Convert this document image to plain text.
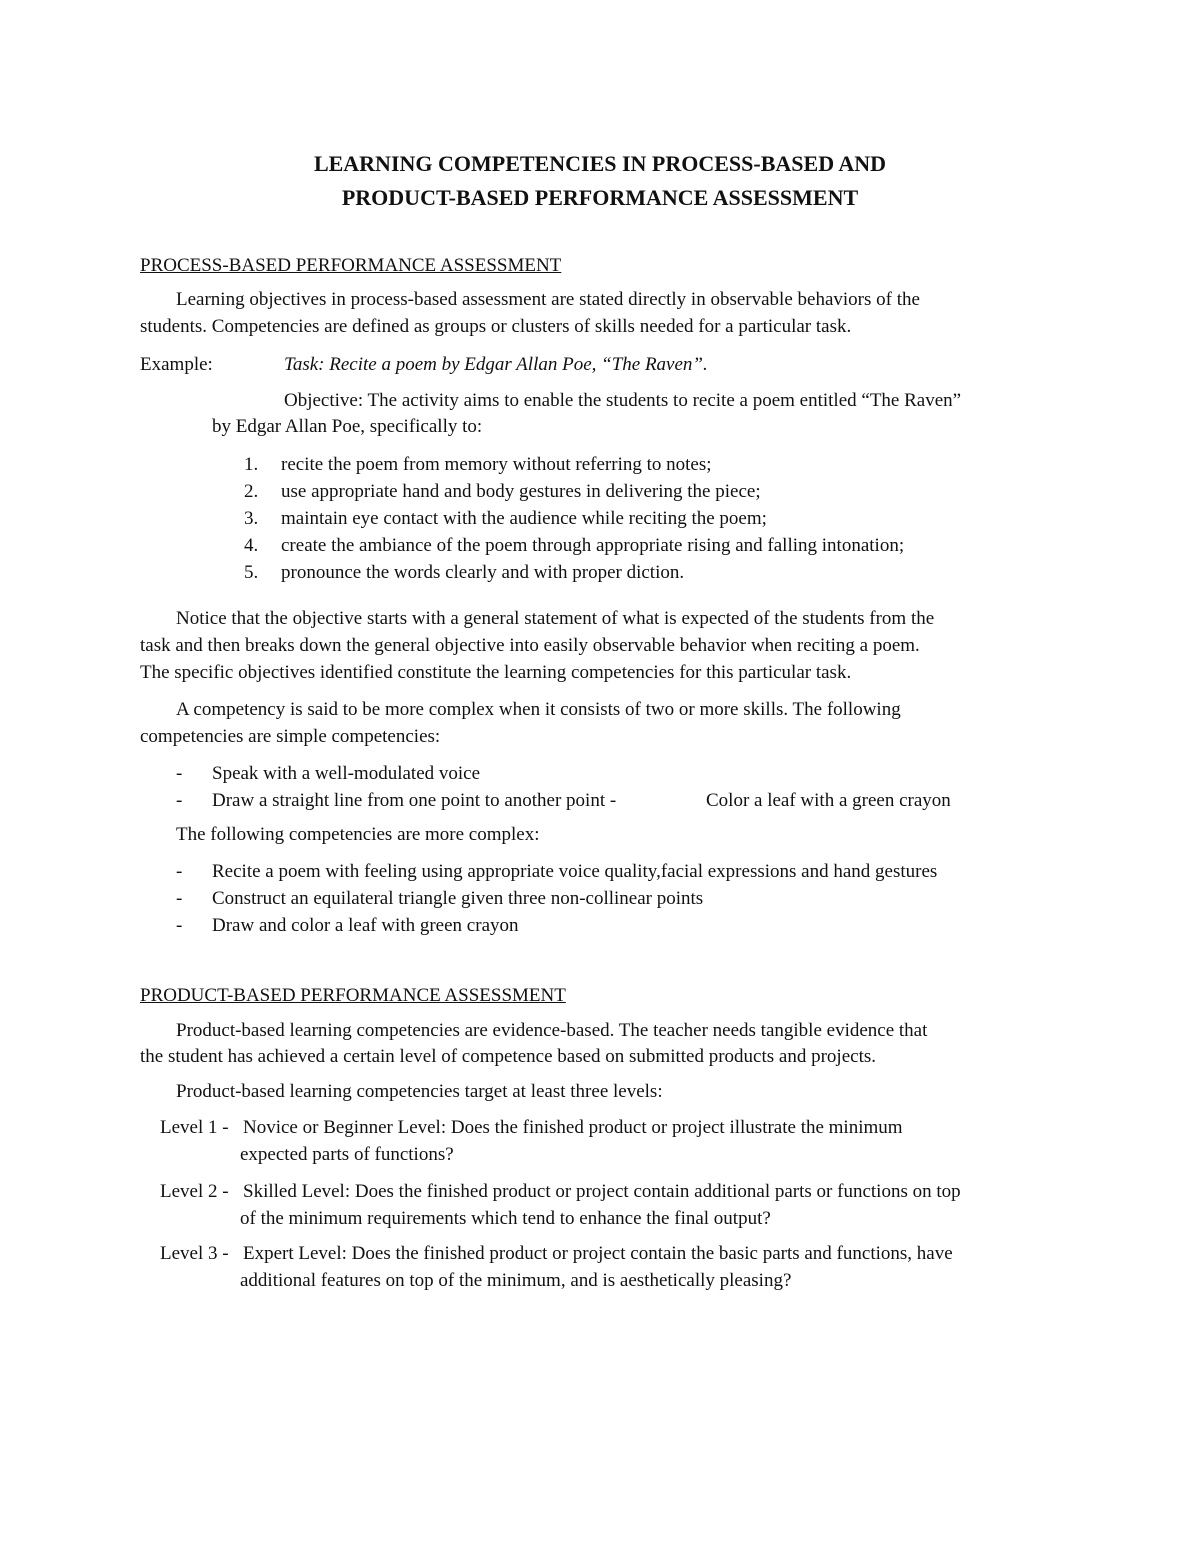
LEARNING COMPETENCIES IN PROCESS-BASED AND
PRODUCT-BASED PERFORMANCE ASSESSMENT
PROCESS-BASED PERFORMANCE ASSESSMENT
Learning objectives in process-based assessment are stated directly in observable behaviors of the
students. Competencies are defined as groups or clusters of skills needed for a particular task.
Example:	Task: Recite a poem by Edgar Allan Poe, “The Raven”.
Objective: The activity aims to enable the students to recite a poem entitled “The Raven”
by Edgar Allan Poe, specifically to:
1. recite the poem from memory without referring to notes;
2. use appropriate hand and body gestures in delivering the piece;
3. maintain eye contact with the audience while reciting the poem;
4. create the ambiance of the poem through appropriate rising and falling intonation;
5. pronounce the words clearly and with proper diction.
Notice that the objective starts with a general statement of what is expected of the students from the
task and then breaks down the general objective into easily observable behavior when reciting a poem.
The specific objectives identified constitute the learning competencies for this particular task.
A competency is said to be more complex when it consists of two or more skills. The following
competencies are simple competencies:
- Speak with a well-modulated voice
- Draw a straight line from one point to another point -	Color a leaf with a green crayon
The following competencies are more complex:
- Recite a poem with feeling using appropriate voice quality,facial expressions and hand gestures
- Construct an equilateral triangle given three non-collinear points
- Draw and color a leaf with green crayon
PRODUCT-BASED PERFORMANCE ASSESSMENT
Product-based learning competencies are evidence-based. The teacher needs tangible evidence that
the student has achieved a certain level of competence based on submitted products and projects.
Product-based learning competencies target at least three levels:
Level 1 - Novice or Beginner Level: Does the finished product or project illustrate the minimum
expected parts of functions?
Level 2 - Skilled Level: Does the finished product or project contain additional parts or functions on top
of the minimum requirements which tend to enhance the final output?
Level 3 - Expert Level: Does the finished product or project contain the basic parts and functions, have
additional features on top of the minimum, and is aesthetically pleasing?
